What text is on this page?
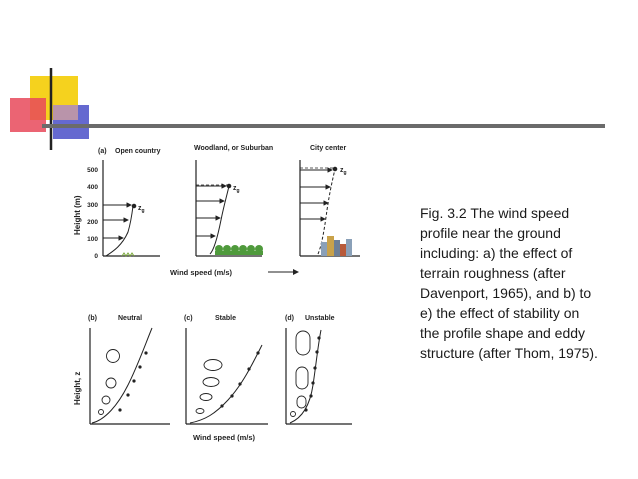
(a) Open country	Woodland, or Suburban	City center
Height (m)
500
400
300
200
100
0
$z_g$
$z_g$
$z_g$
Wind speed (m/s)
(b)	Neutral	(c)	Stable	(d) Unstable
Height, z
Wind speed (m/s)
Fig. 3.2 The wind speed
profile near the ground
including: a) the effect of
terrain roughness (after
Davenport, 1965), and b) to
e) the effect of stability on
the profile shape and eddy
structure (after Thom, 1975).
